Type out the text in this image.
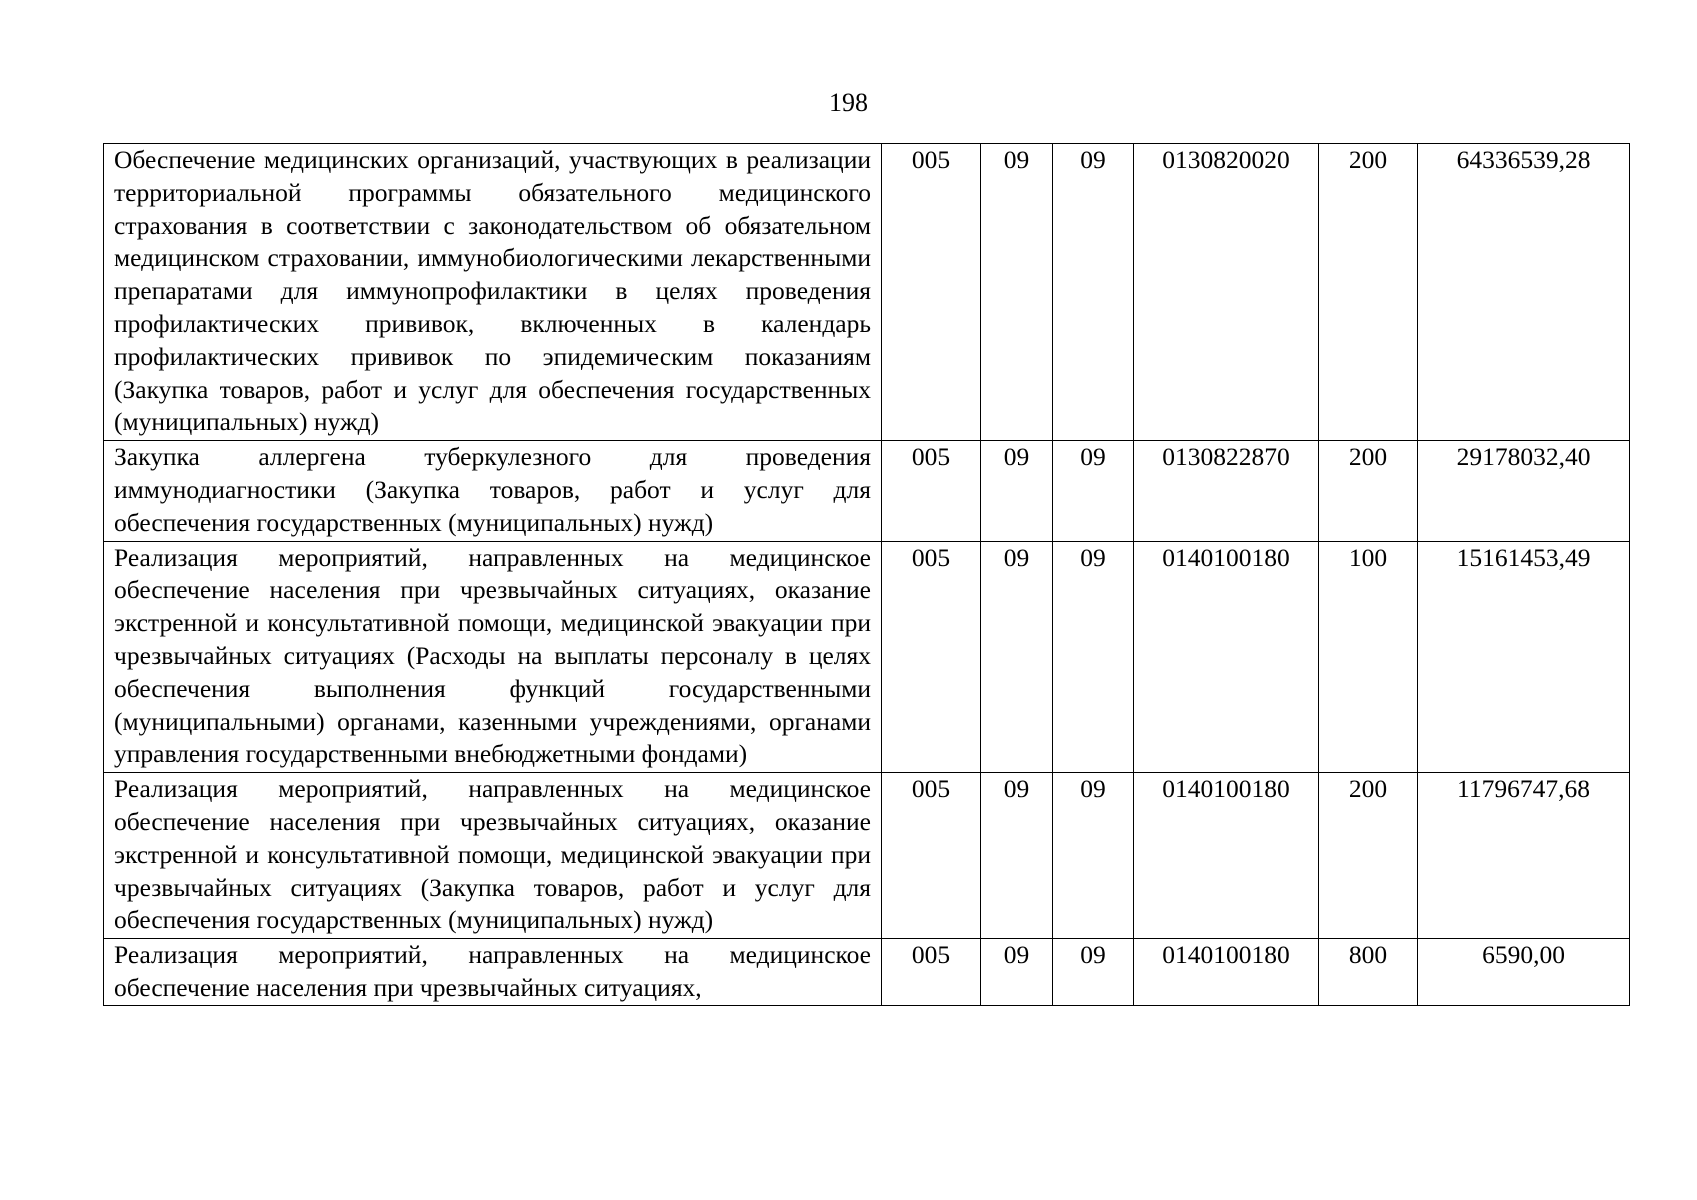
198
Обеспечение медицинских организаций, участвующих в реализации территориальной программы обязательного медицинского страхования в соответствии с законодательством об обязательном медицинском страховании, иммунобиологическими лекарственными препаратами для иммунопрофилактики в целях проведения профилактических прививок, включенных в календарь профилактических прививок по эпидемическим показаниям (Закупка товаров, работ и услуг для обеспечения государственных (муниципальных) нужд)	005	09	09	0130820020	200	64336539,28
Закупка аллергена туберкулезного для проведения иммунодиагностики (Закупка товаров, работ и услуг для обеспечения государственных (муниципальных) нужд)	005	09	09	0130822870	200	29178032,40
Реализация мероприятий, направленных на медицинское обеспечение населения при чрезвычайных ситуациях, оказание экстренной и консультативной помощи, медицинской эвакуации при чрезвычайных ситуациях (Расходы на выплаты персоналу в целях обеспечения выполнения функций государственными (муниципальными) органами, казенными учреждениями, органами управления государственными внебюджетными фондами)	005	09	09	0140100180	100	15161453,49
Реализация мероприятий, направленных на медицинское обеспечение населения при чрезвычайных ситуациях, оказание экстренной и консультативной помощи, медицинской эвакуации при чрезвычайных ситуациях (Закупка товаров, работ и услуг для обеспечения государственных (муниципальных) нужд)	005	09	09	0140100180	200	11796747,68

Реализация мероприятий, направленных на медицинское обеспечение населения при чрезвычайных ситуациях,	005	09	09	0140100180	800	6590,00
